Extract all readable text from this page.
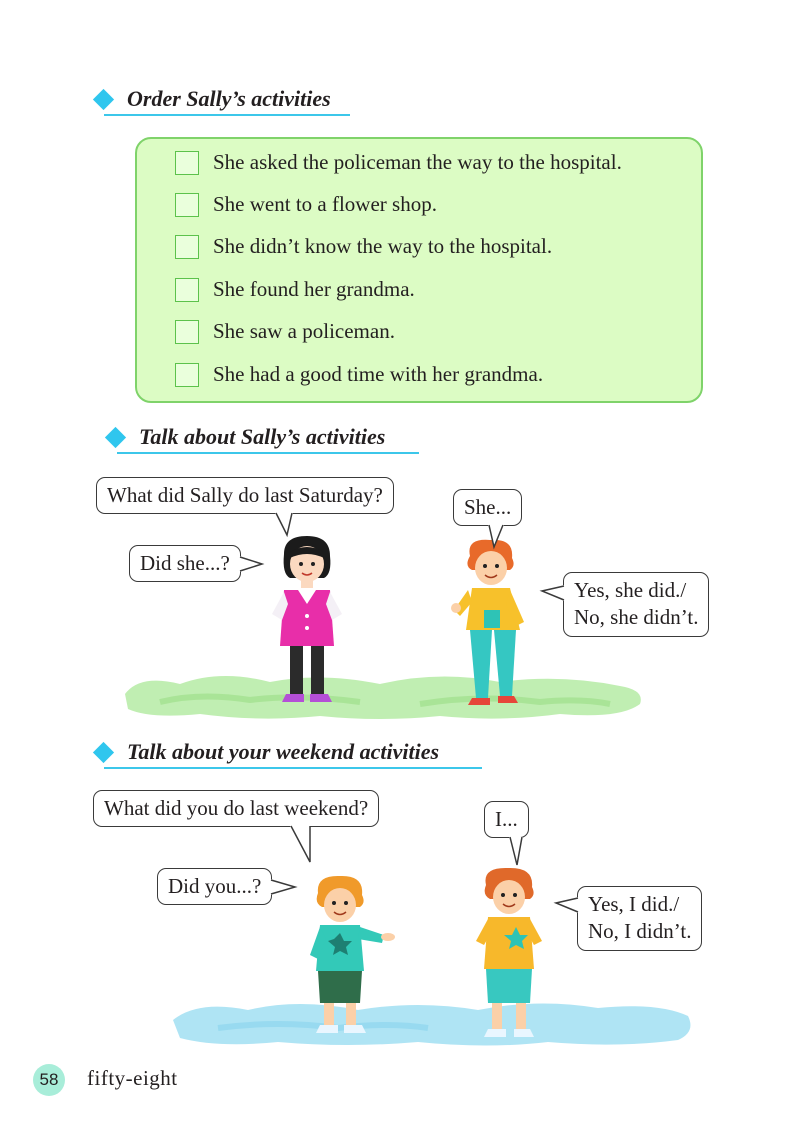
Order Sally’s activities
She asked the policeman the way to the hospital.
She went to a flower shop.
She didn’t know the way to the hospital.
She found her grandma.
She saw a policeman.
She had a good time with her grandma.
Talk about Sally’s activities
What did Sally do last Saturday?
Did she...?
She...
Yes, she did./
No, she didn’t.
Talk about your weekend activities
What did you do last weekend?
Did you...?
I...
Yes, I did./
No, I didn’t.
58 fifty-eight
